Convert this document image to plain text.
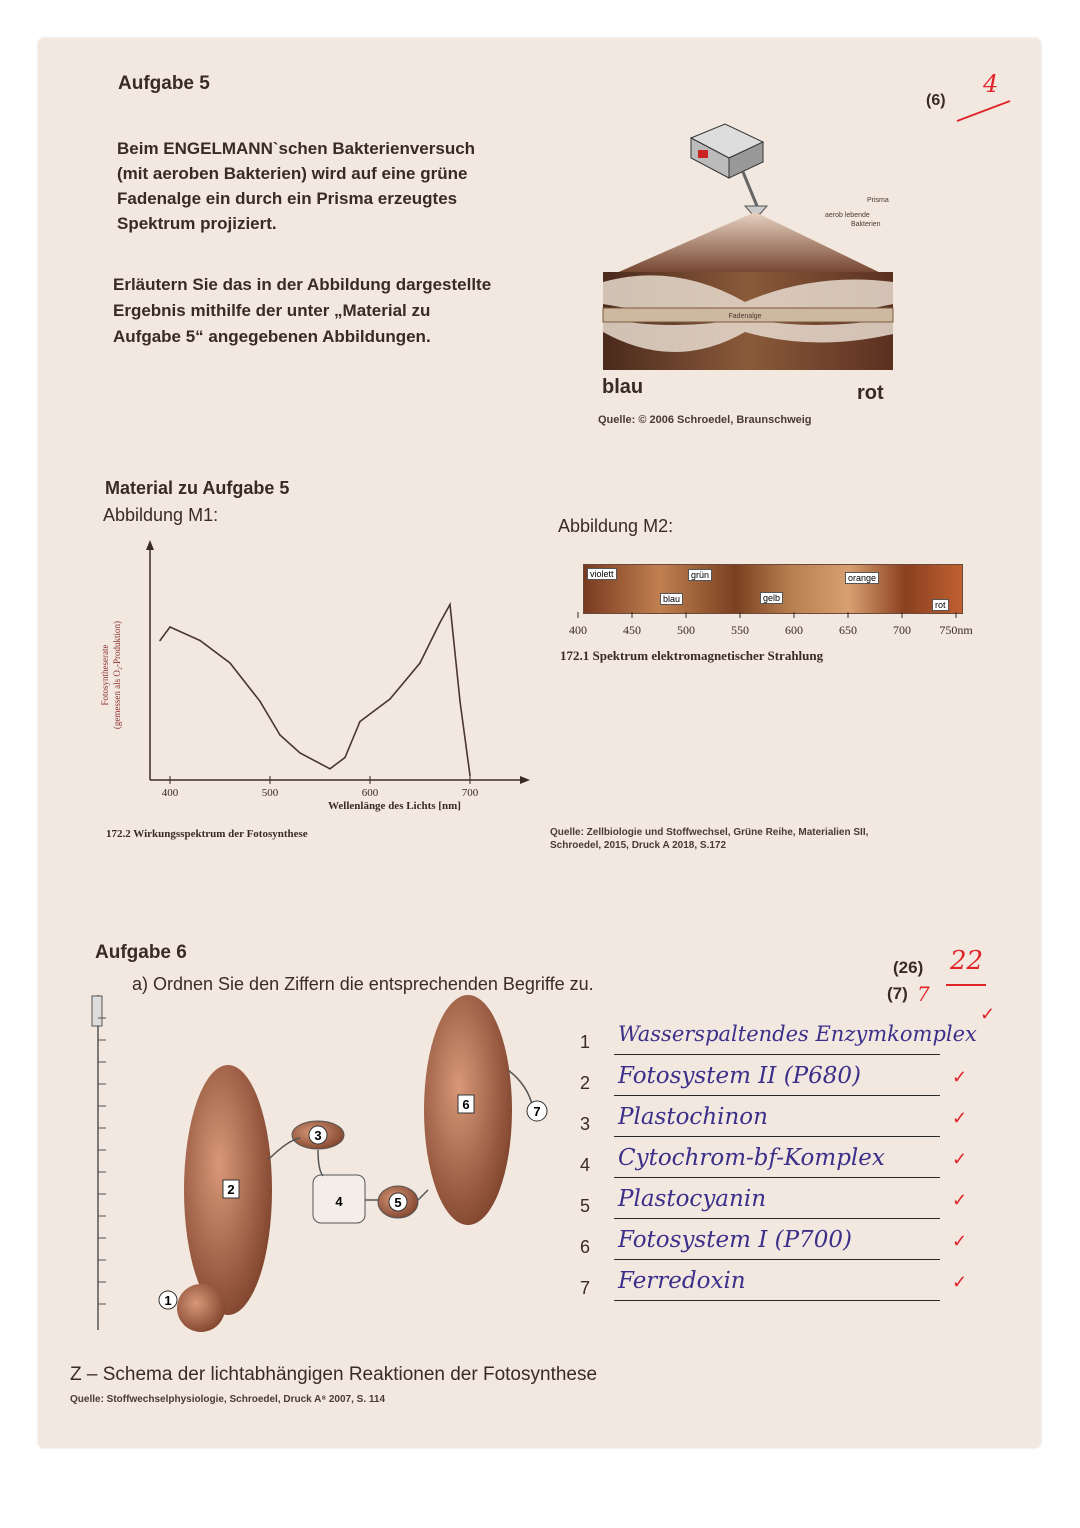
Aufgabe 5
(6)
4
Beim ENGELMANN`schen Bakterienversuch
(mit aeroben Bakterien) wird auf eine grüne
Fadenalge ein durch ein Prisma erzeugtes
Spektrum projiziert.
Erläutern Sie das in der Abbildung dargestellte
Ergebnis mithilfe der unter „Material zu
Aufgabe 5“ angegebenen Abbildungen.
Fadenalge
Prisma
aerob lebende
Bakterien
blau	rot
Quelle: © 2006 Schroedel, Braunschweig
Material zu Aufgabe 5
Abbildung M1:
Abbildung M2:
400	500	600	700
Fotosyntheserate (gemessen als O₂-Produktion)
Wellenlänge des Lichts [nm]
172.2 Wirkungsspektrum der Fotosynthese
violett
blau
grün
gelb
orange
rot
400	450	500	550	600	650	700 750nm
172.1 Spektrum elektromagnetischer Strahlung
Quelle: Zellbiologie und Stoffwechsel, Grüne Reihe, Materialien SII,
Schroedel, 2015, Druck A 2018, S.172
Aufgabe 6
a) Ordnen Sie den Ziffern die entsprechenden Begriffe zu.
(26) 22
(7) 7
1
2
3
4	5
6	7
1 Wasserspaltendes Enzymkomplex
✓
2 Fotosystem II (P680)	✓
3 Plastochinon	✓
4 Cytochrom-bf-Komplex	✓
5 Plastocyanin	✓
6 Fotosystem I (P700)	✓
7 Ferredoxin	✓
Z – Schema der lichtabhängigen Reaktionen der Fotosynthese
Quelle: Stoffwechselphysiologie, Schroedel, Druck A⁸ 2007, S. 114
